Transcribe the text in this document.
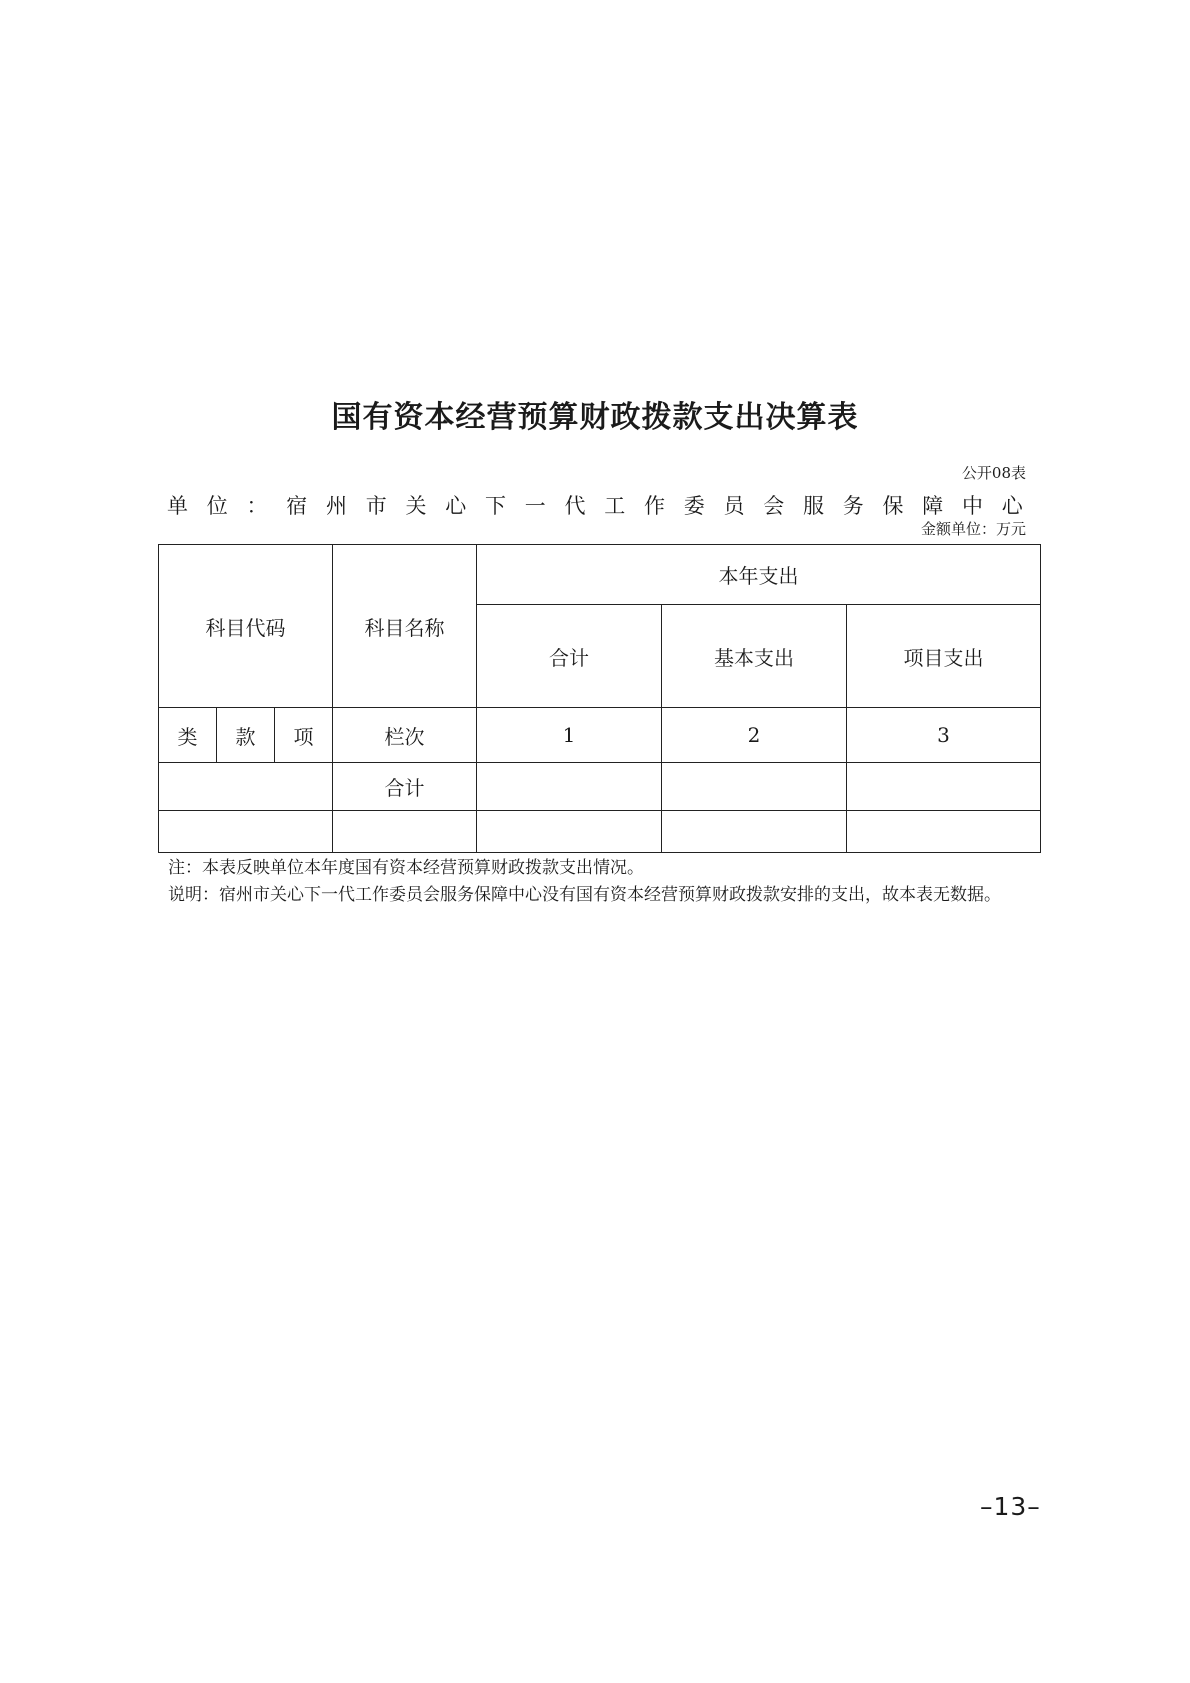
国有资本经营预算财政拨款支出决算表
公开08表
单 位 ： 宿 州 市 关 心 下 一 代 工 作 委 员 会 服 务 保 障 中 心
金额单位：万元
科目代码			科目名称	本年支出		
				合计	基本支出	项目支出
类	款	项	栏次	1	2	3
			合计			

注：本表反映单位本年度国有资本经营预算财政拨款支出情况。
说明：宿州市关心下一代工作委员会服务保障中心没有国有资本经营预算财政拨款安排的支出，故本表无数据。
–13–
